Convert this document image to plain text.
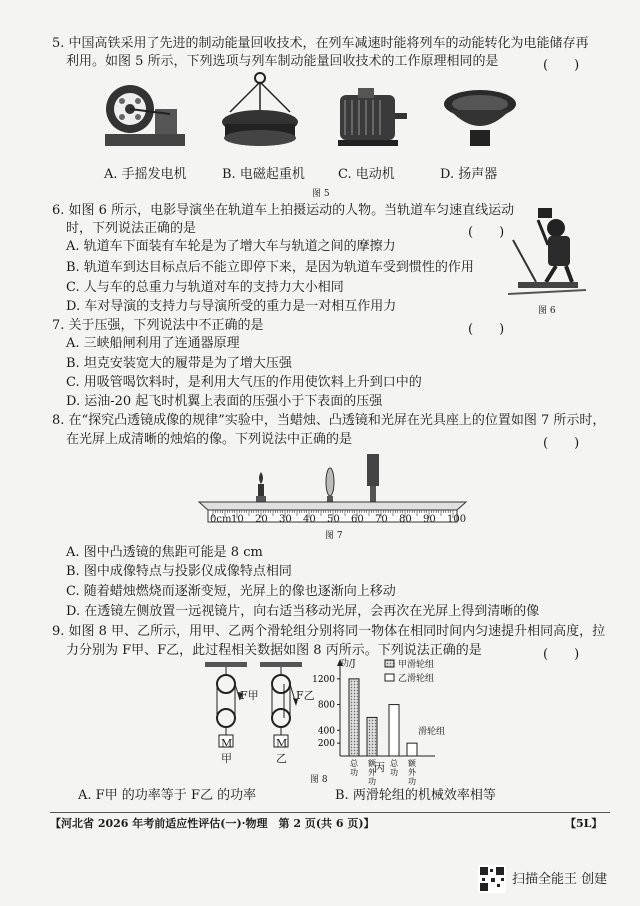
5. 中国高铁采用了先进的制动能量回收技术，在列车减速时能将列车的动能转化为电能储存再
利用。如图 5 所示，下列选项与列车制动能量回收技术的工作原理相同的是	(　　)
A. 手摇发电机	B. 电磁起重机	C. 电动机	D. 扬声器
图 5
6. 如图 6 所示，电影导演坐在轨道车上拍摄运动的人物。当轨道车匀速直线运动
时，下列说法正确的是	(　　)
A. 轨道车下面装有车轮是为了增大车与轨道之间的摩擦力
B. 轨道车到达目标点后不能立即停下来，是因为轨道车受到惯性的作用
C. 人与车的总重力与轨道对车的支持力大小相同
D. 车对导演的支持力与导演所受的重力是一对相互作用力	图 6
7. 关于压强，下列说法中不正确的是	(　　)
A. 三峡船闸利用了连通器原理
B. 坦克安装宽大的履带是为了增大压强
C. 用吸管喝饮料时，是利用大气压的作用使饮料上升到口中的
D. 运油-20 起飞时机翼上表面的压强小于下表面的压强
8. 在“探究凸透镜成像的规律”实验中，当蜡烛、凸透镜和光屏在光具座上的位置如图 7 所示时，
在光屏上成清晰的烛焰的像。下列说法中正确的是	(　　)
0cm 10 20 30 40 50 60 70 80 90 100
图 7
A. 图中凸透镜的焦距可能是 8 cm
B. 图中成像特点与投影仪成像特点相同
C. 随着蜡烛燃烧而逐渐变短，光屏上的像也逐渐向上移动
D. 在透镜左侧放置一远视镜片，向右适当移动光屏，会再次在光屏上得到清晰的像
9. 如图 8 甲、乙所示，用甲、乙两个滑轮组分别将同一物体在相同时间内匀速提升相同高度，拉
力分别为 F甲、F乙，此过程相关数据如图 8 丙所示。下列说法正确的是	(　　)
M	M
F甲	F乙
甲	乙
200
400
800
1200
总
功
额
外
功
总
功
额
外
功
功/J
滑轮组
甲滑轮组
乙滑轮组
丙
图 8
A. F甲 的功率等于 F乙 的功率	B. 两滑轮组的机械效率相等
【河北省 2026 年考前适应性评估(一)·物理　第 2 页(共 6 页)】	【5L】
扫描全能王 创建
